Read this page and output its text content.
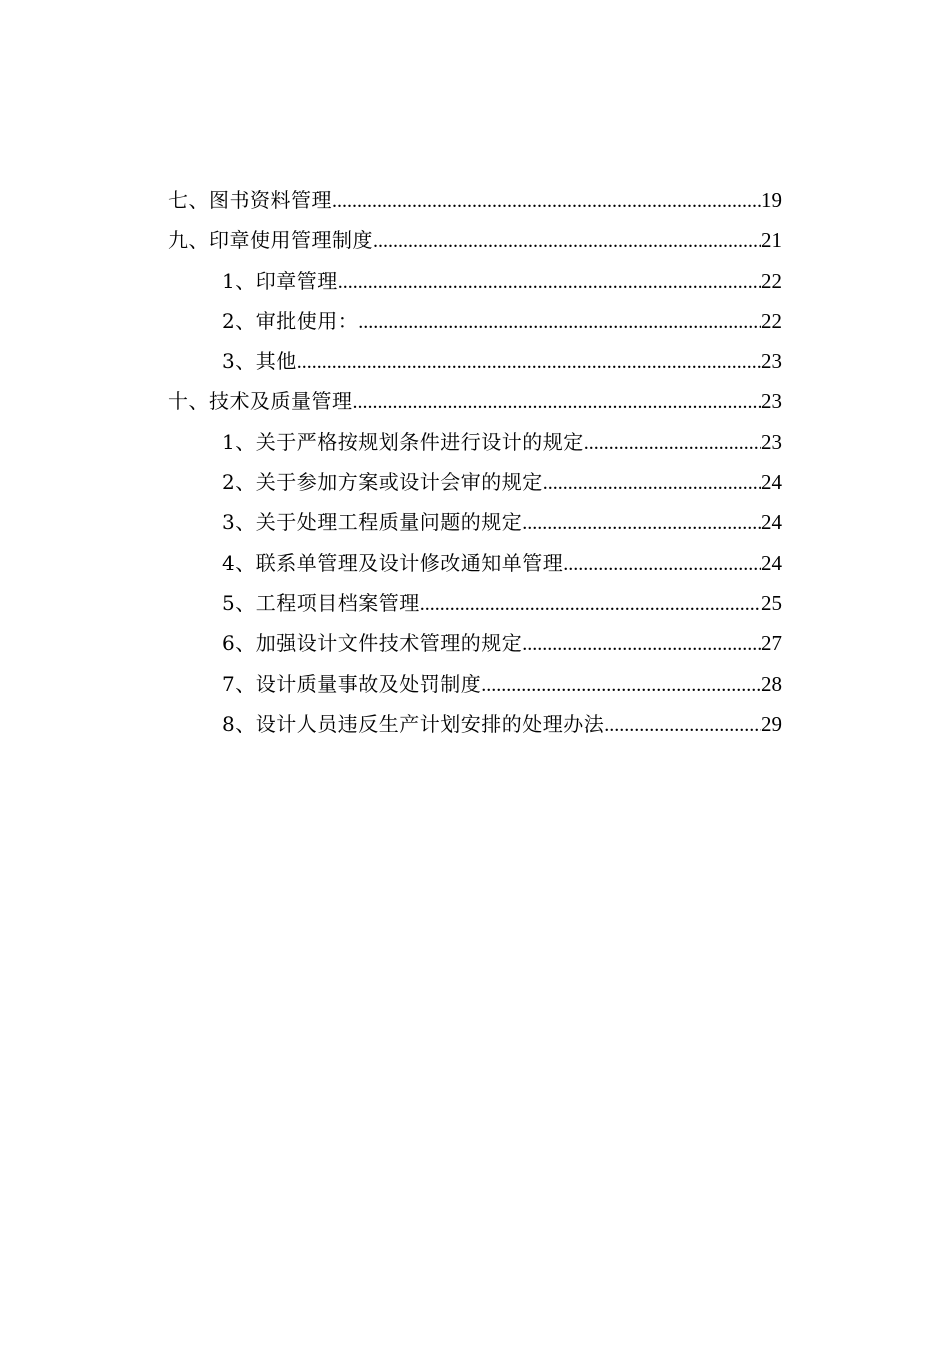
七、图书资料管理 .....	19
九、印章使用管理制度 .....	21
1、印章管理 .....	22
2、审批使用： .....	22
3、其他 .....	23
十、技术及质量管理 .....	23
1、关于严格按规划条件进行设计的规定 .....	23
2、关于参加方案或设计会审的规定 .....	24
3、关于处理工程质量问题的规定 .....	24
4、联系单管理及设计修改通知单管理 .....	24
5、工程项目档案管理 .....	25
6、加强设计文件技术管理的规定 .....	27
7、设计质量事故及处罚制度 .....	28
8、设计人员违反生产计划安排的处理办法 .....	29
